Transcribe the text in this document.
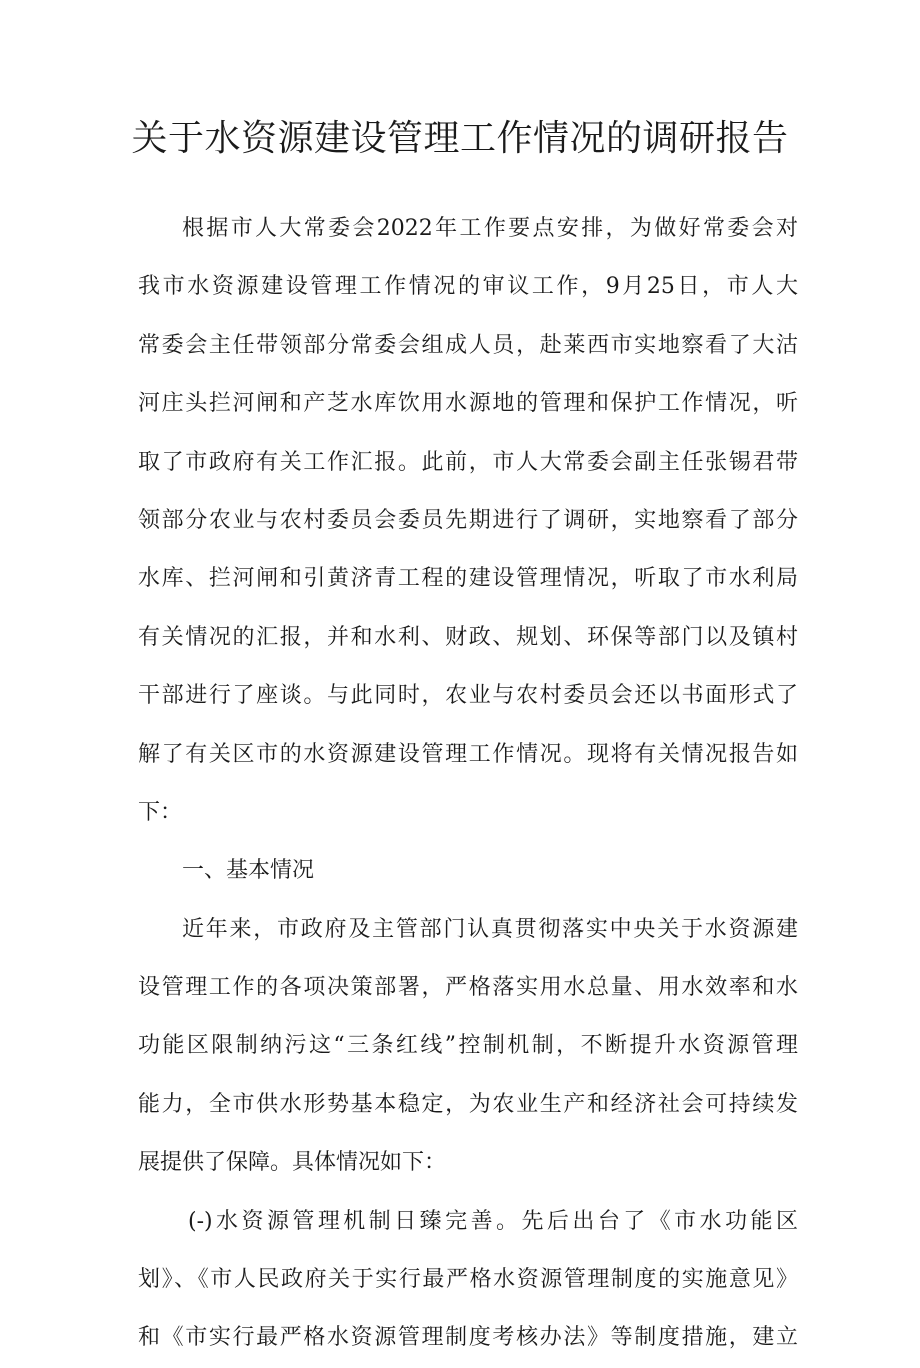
关于水资源建设管理工作情况的调研报告
根据市人大常委会2022年工作要点安排，为做好常委会对
我市水资源建设管理工作情况的审议工作，9月25日，市人大
常委会主任带领部分常委会组成人员，赴莱西市实地察看了大沽
河庄头拦河闸和产芝水库饮用水源地的管理和保护工作情况，听
取了市政府有关工作汇报。此前，市人大常委会副主任张锡君带
领部分农业与农村委员会委员先期进行了调研，实地察看了部分
水库、拦河闸和引黄济青工程的建设管理情况，听取了市水利局
有关情况的汇报，并和水利、财政、规划、环保等部门以及镇村
干部进行了座谈。与此同时，农业与农村委员会还以书面形式了
解了有关区市的水资源建设管理工作情况。现将有关情况报告如
下：
一、基本情况
近年来，市政府及主管部门认真贯彻落实中央关于水资源建
设管理工作的各项决策部署，严格落实用水总量、用水效率和水
功能区限制纳污这“三条红线”控制机制，不断提升水资源管理
能力，全市供水形势基本稳定，为农业生产和经济社会可持续发
展提供了保障。具体情况如下：
(-)水资源管理机制日臻完善。先后出台了《市水功能区
划》、《市人民政府关于实行最严格水资源管理制度的实施意见》
和《市实行最严格水资源管理制度考核办法》等制度措施，建立
